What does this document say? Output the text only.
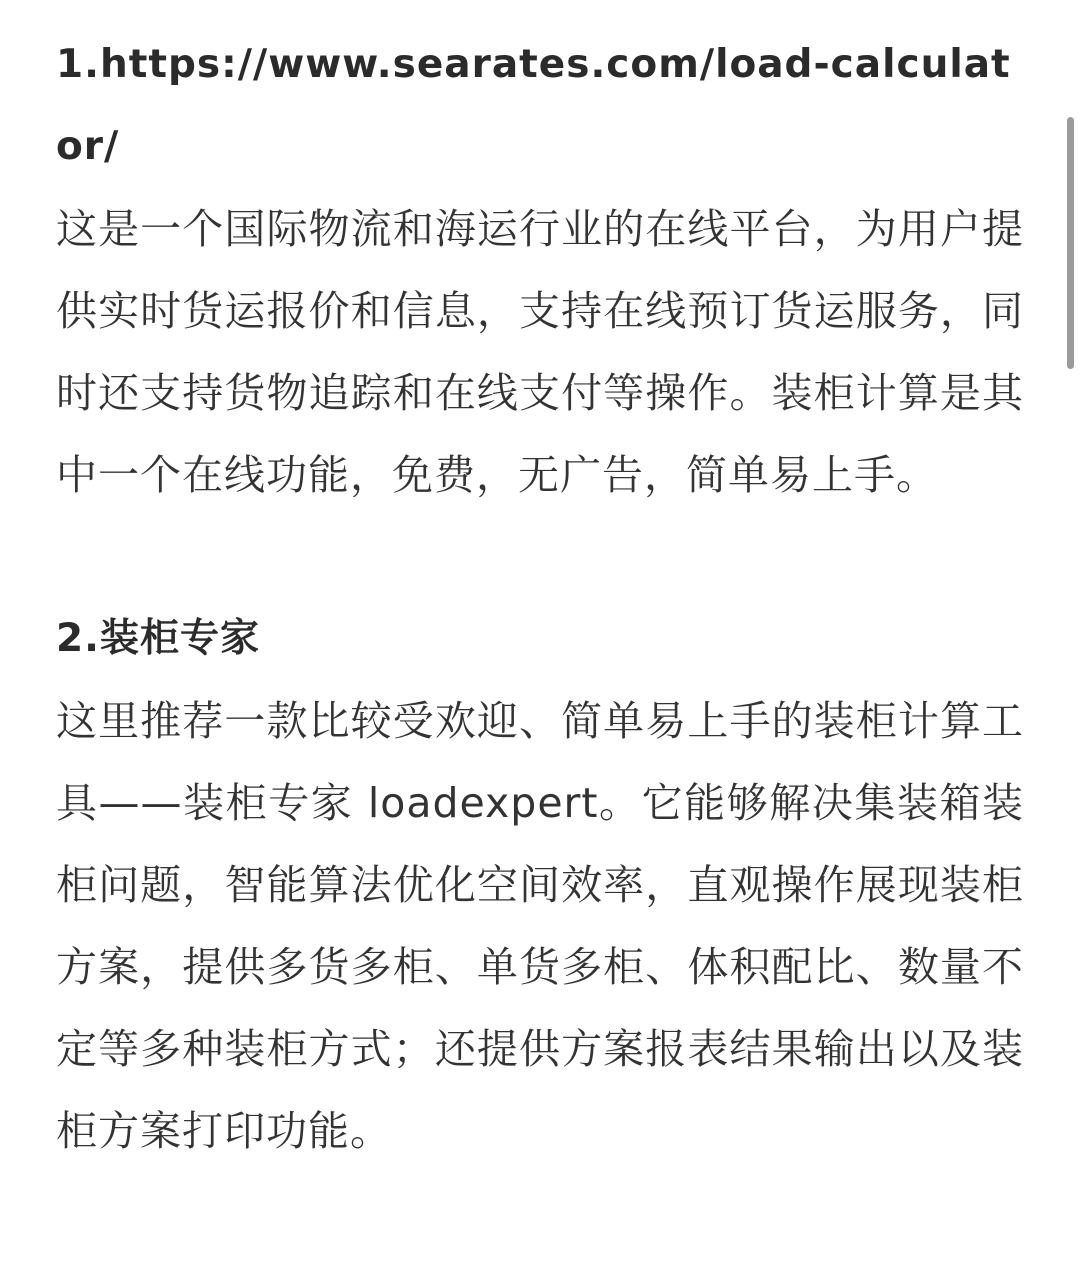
1.https://www.searates.com/load-calculator/

这是一个国际物流和海运行业的在线平台，为用户提供实时货运报价和信息，支持在线预订货运服务，同时还支持货物追踪和在线支付等操作。装柜计算是其中一个在线功能，免费，无广告，简单易上手。

2.装柜专家

这里推荐一款比较受欢迎、简单易上手的装柜计算工具——装柜专家 loadexpert。它能够解决集装箱装柜问题，智能算法优化空间效率，直观操作展现装柜方案，提供多货多柜、单货多柜、体积配比、数量不定等多种装柜方式；还提供方案报表结果输出以及装柜方案打印功能。
